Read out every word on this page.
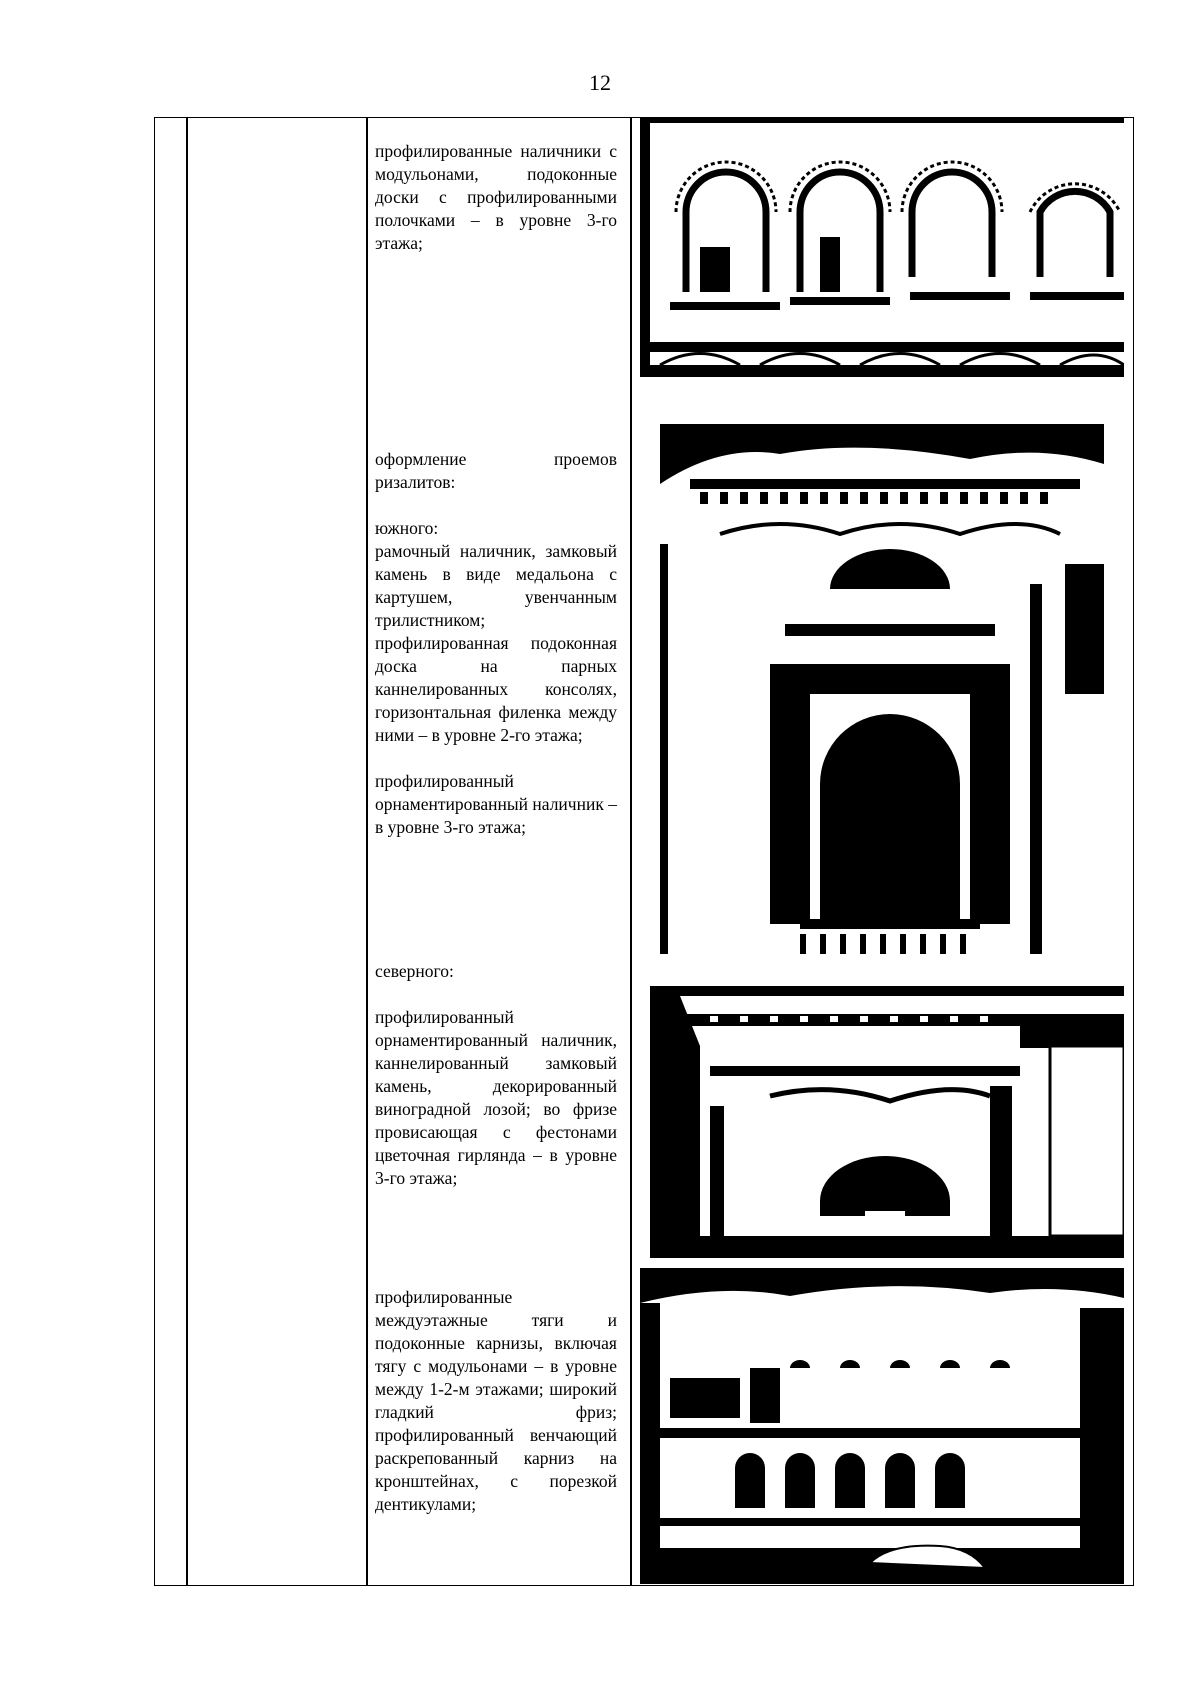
12

профилированные наличники с модульонами, подоконные доски с профилированными полочками – в уровне 3-го этажа;

оформление проемов ризалитов:

южного:

рамочный наличник, замковый камень в виде медальона с картушем, увенчанным трилистником; профилированная подоконная доска на парных каннелированных консолях, горизонтальная филенка между ними – в уровне 2-го этажа;

профилированный орнаментированный наличник – в уровне 3-го этажа;

северного:

профилированный орнаментированный наличник, каннелированный замковый камень, декорированный виноградной лозой; во фризе провисающая с фестонами цветочная гирлянда – в уровне 3-го этажа;

профилированные междуэтажные тяги и подоконные карнизы, включая тягу с модульонами – в уровне между 1-2-м этажами; широкий гладкий фриз; профилированный венчающий раскрепованный карниз на кронштейнах, с порезкой дентикулами;
